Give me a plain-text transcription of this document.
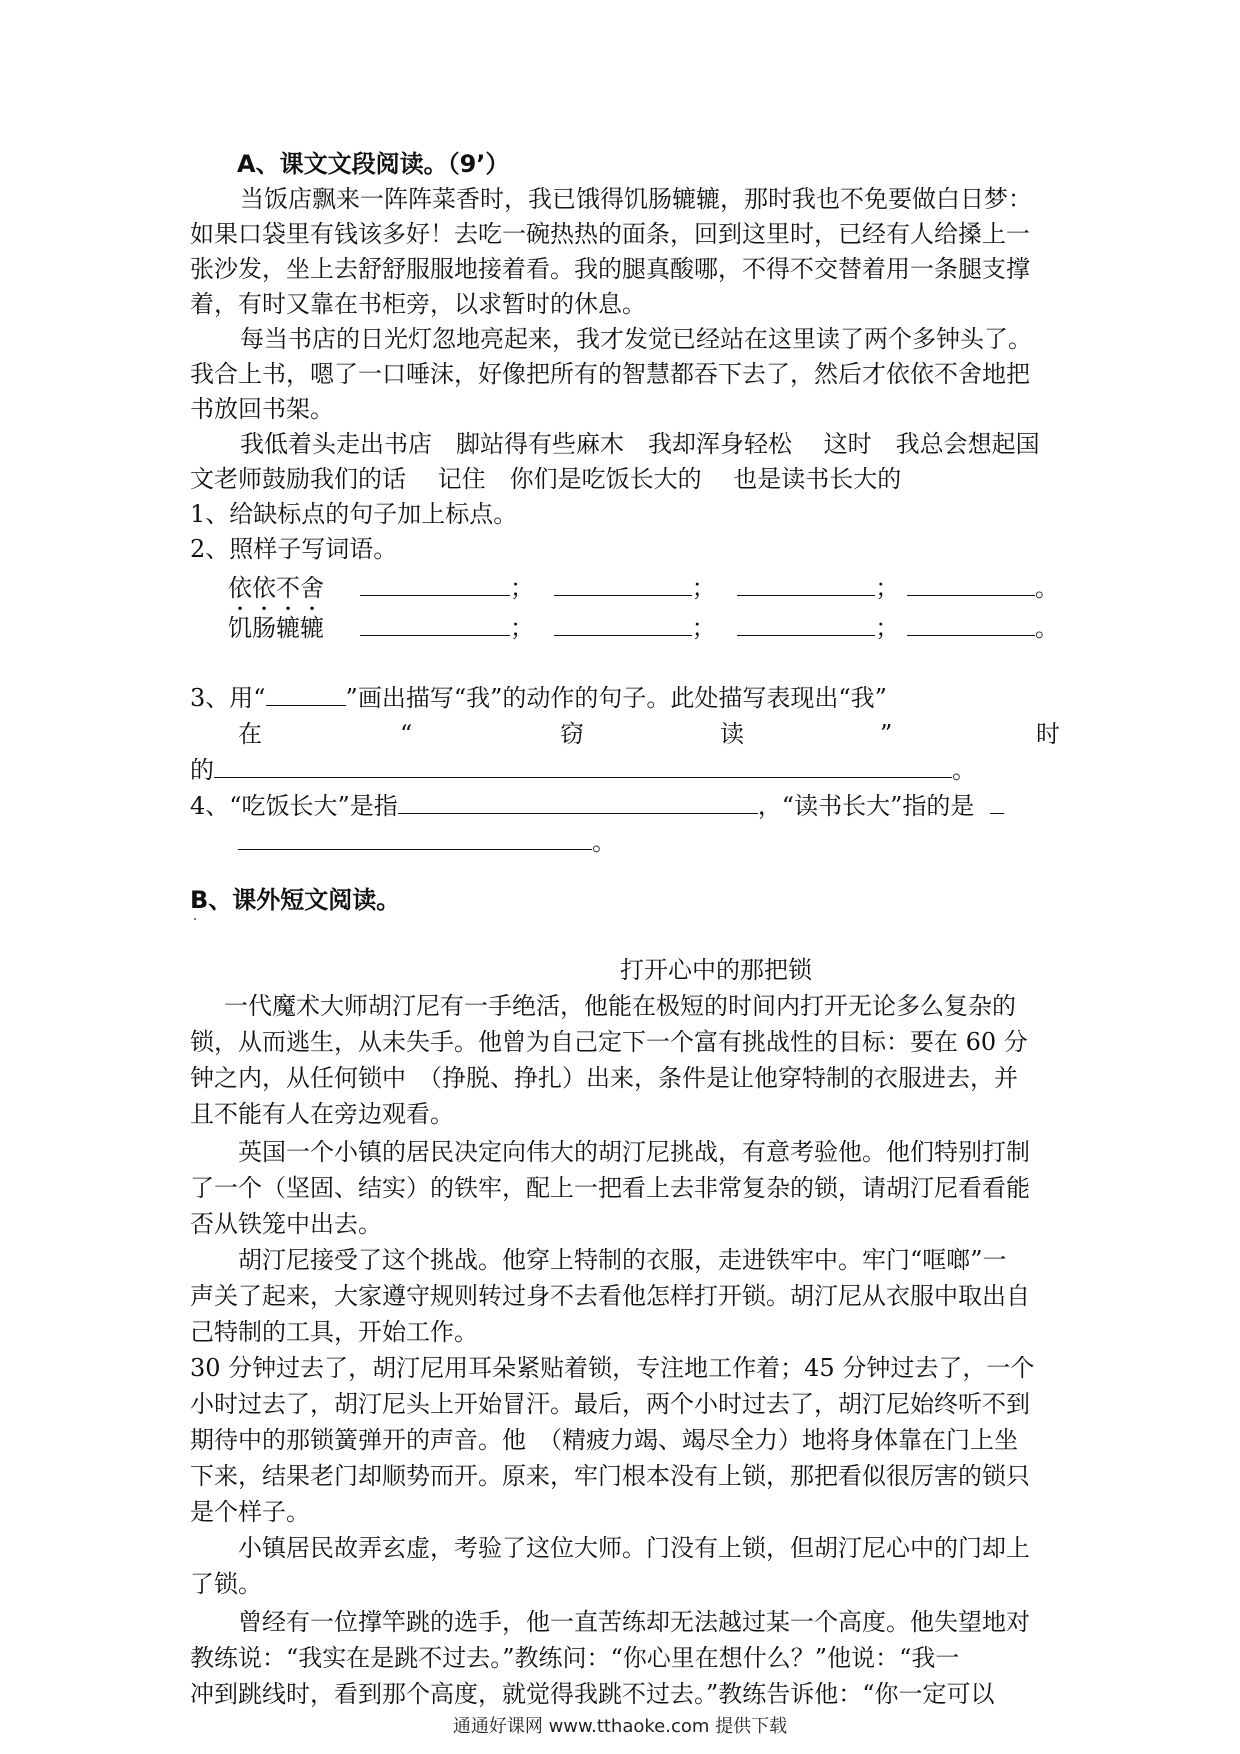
A、课文文段阅读。（9’）
当饭店飘来一阵阵菜香时，我已饿得饥肠辘辘，那时我也不免要做白日梦：
如果口袋里有钱该多好！去吃一碗热热的面条，回到这里时，已经有人给搡上一
张沙发，坐上去舒舒服服地接着看。我的腿真酸哪，不得不交替着用一条腿支撑
着，有时又靠在书柜旁，以求暂时的休息。
每当书店的日光灯忽地亮起来，我才发觉已经站在这里读了两个多钟头了。
我合上书，嗯了一口唾沫，好像把所有的智慧都吞下去了，然后才依依不舍地把
书放回书架。
我低着头走出书店　脚站得有些麻木　我却浑身轻松　 这时　我总会想起国
文老师鼓励我们的话　 记住　你们是吃饭长大的　 也是读书长大的
1、给缺标点的句子加上标点。
2、照样子写词语。
依依不舍	；	；	；	。
饥肠辘辘	；	；	；	。
3、用“	”画出描写“我”的动作的句子。此处描写表现出“我”
在	“	窃	读	”	时
的	。
4、“吃饭长大”是指	，“读书长大”指的是
。
B、课外短文阅读。
打开心中的那把锁
一代魔术大师胡汀尼有一手绝活，他能在极短的时间内打开无论多么复杂的
锁，从而逃生，从未失手。他曾为自己定下一个富有挑战性的目标：要在 60 分
钟之内，从任何锁中　（挣脱、挣扎）出来，条件是让他穿特制的衣服进去，并
且不能有人在旁边观看。
英国一个小镇的居民决定向伟大的胡汀尼挑战，有意考验他。他们特别打制
了一个（坚固、结实）的铁牢，配上一把看上去非常复杂的锁，请胡汀尼看看能
否从铁笼中出去。
胡汀尼接受了这个挑战。他穿上特制的衣服，走进铁牢中。牢门“哐啷”一
声关了起来，大家遵守规则转过身不去看他怎样打开锁。胡汀尼从衣服中取出自
己特制的工具，开始工作。
30 分钟过去了，胡汀尼用耳朵紧贴着锁，专注地工作着；45 分钟过去了，一个
小时过去了，胡汀尼头上开始冒汗。最后，两个小时过去了，胡汀尼始终听不到
期待中的那锁簧弹开的声音。他　（精疲力竭、竭尽全力）地将身体靠在门上坐
下来，结果老门却顺势而开。原来，牢门根本没有上锁，那把看似很厉害的锁只
是个样子。
小镇居民故弄玄虚，考验了这位大师。门没有上锁，但胡汀尼心中的门却上
了锁。
曾经有一位撑竿跳的选手，他一直苦练却无法越过某一个高度。他失望地对
教练说：“我实在是跳不过去。”教练问：“你心里在想什么？”他说：“我一
冲到跳线时，看到那个高度，就觉得我跳不过去。”教练告诉他：“你一定可以
通通好课网 www.tthaoke.com 提供下载
